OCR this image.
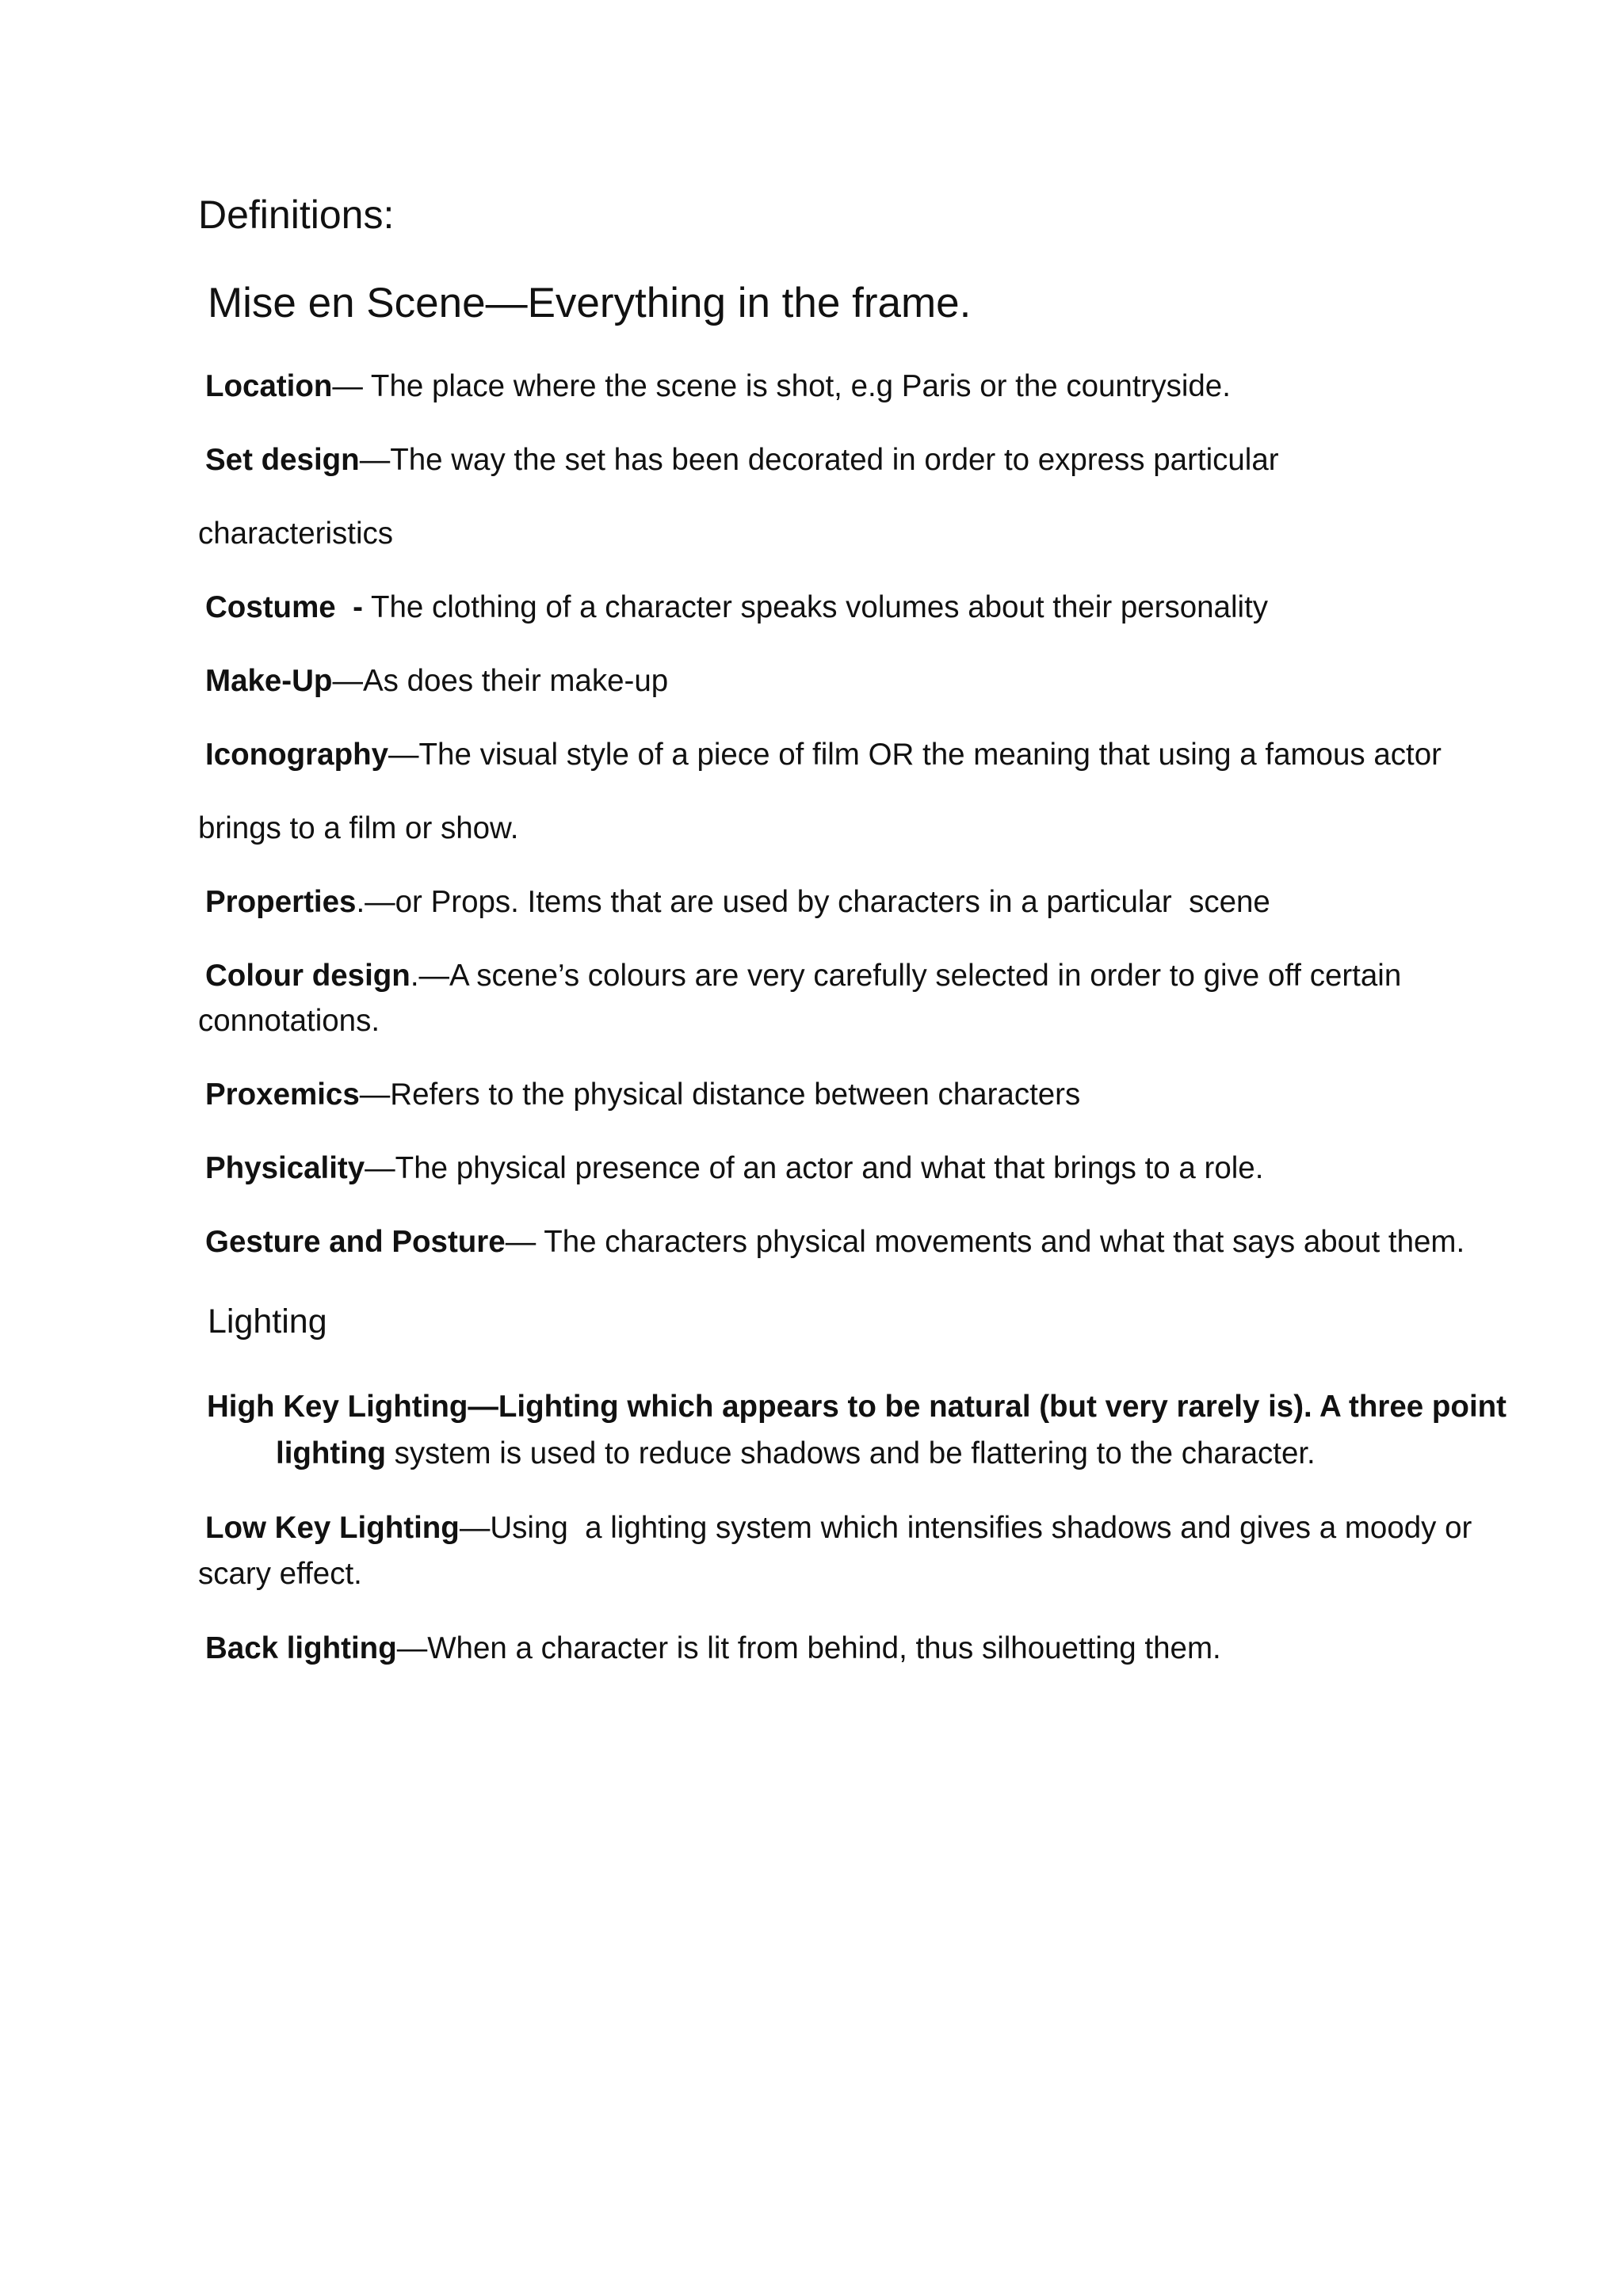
Definitions:
Mise en Scene—Everything in the frame.

Location— The place where the scene is shot, e.g Paris or the countryside.

Set design—The way the set has been decorated in order to express particular

characteristics

Costume  - The clothing of a character speaks volumes about their personality

Make-Up—As does their make-up

Iconography—The visual style of a piece of film OR the meaning that using a famous actor

brings to a film or show.

Properties.—or Props. Items that are used by characters in a particular  scene

Colour design.—A scene’s colours are very carefully selected in order to give off certain

connotations.

Proxemics—Refers to the physical distance between characters

Physicality—The physical presence of an actor and what that brings to a role.

Gesture and Posture— The characters physical movements and what that says about them.

Lighting

High Key Lighting—Lighting which appears to be natural (but very rarely is). A three point

lighting system is used to reduce shadows and be flattering to the character.

Low Key Lighting—Using  a lighting system which intensifies shadows and gives a moody or

scary effect.

Back lighting—When a character is lit from behind, thus silhouetting them.
